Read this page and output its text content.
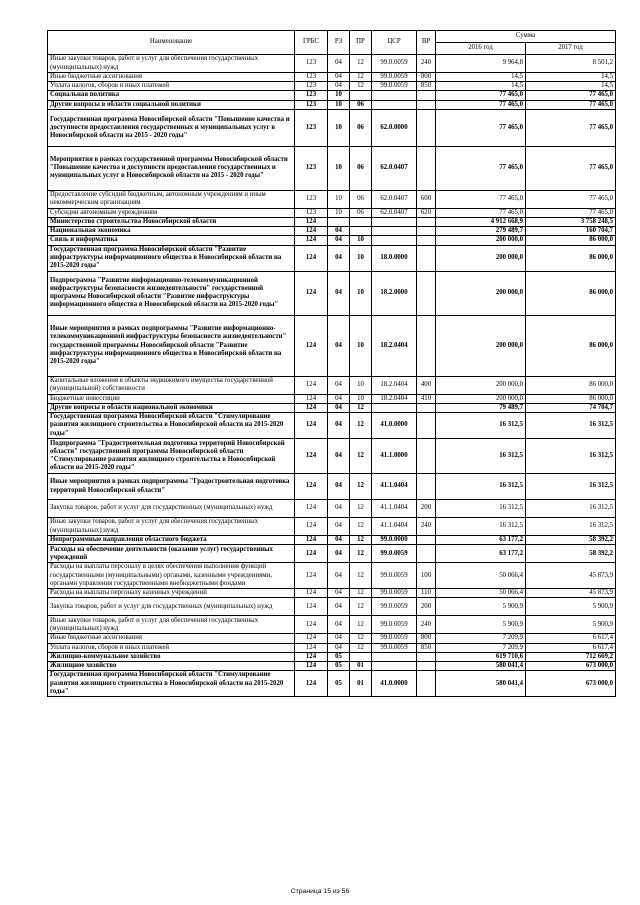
Наименование	ГРБС	РЗ	ПР	ЦСР	ВР	Сумма	
						2016 год	2017 год
Иные закупки товаров, работ и услуг для обеспечения государственных (муниципальных) нужд	123	04	12	99.0.0059	240	9 964,8	8 501,2
Иные бюджетные ассигнования	123	04	12	99.0.0059	800	14,5	14,5
Уплата налогов, сборов и иных платежей	123	04	12	99.0.0059	850	14,5	14,5
Социальная политика	123	10				77 465,0	77 465,0
Другие вопросы в области социальной политики	123	10	06			77 465,0	77 465,0
Государственная программа Новосибирской области "Повышение качества и доступности предоставления государственных и муниципальных услуг в Новосибирской области на 2015 - 2020 годы"	123	10	06	62.0.0000		77 465,0	77 465,0
Мероприятия в рамках государственной программы Новосибирской области "Повышение качества и доступности предоставления государственных и муниципальных услуг в Новосибирской области на 2015 - 2020 годы"	123	10	06	62.0.0407		77 465,0	77 465,0
Предоставление субсидий бюджетным, автономным учреждениям и иным некоммерческим организациям	123	10	06	62.0.0407	600	77 465,0	77 465,0
Субсидии автономным учреждениям	123	10	06	62.0.0407	620	77 465,0	77 465,0
Министерство строительства Новосибирской области	124					4 912 668,9	3 758 248,5
Национальная экономика	124	04				279 489,7	160 704,7
Связь и информатика	124	04	10			200 000,0	86 000,0
Государственная программа Новосибирской области "Развитие инфраструктуры информационного общества в Новосибирской области на 2015-2020 годы"	124	04	10	18.0.0000		200 000,0	86 000,0
Подпрограмма "Развитие информационно-телекоммуникационной инфраструктуры безопасности жизнедеятельности" государственной программы Новосибирской области "Развитие инфраструктуры информационного общества в Новосибирской области на 2015-2020 годы"	124	04	10	18.2.0000		200 000,0	86 000,0
Иные мероприятия в рамках подпрограммы "Развитие информационно-телекоммуникационной инфраструктуры безопасности жизнедеятельности" государственной программы Новосибирской области "Развитие инфраструктуры информационного общества в Новосибирской области на 2015-2020 годы"	124	04	10	18.2.0404		200 000,0	86 000,0
Капитальные вложения в объекты недвижимого имущества государственной (муниципальной) собственности	124	04	10	18.2.0404	400	200 000,0	86 000,0
Бюджетные инвестиции	124	04	10	18.2.0404	410	200 000,0	86 000,0
Другие вопросы в области национальной экономики	124	04	12			79 489,7	74 704,7
Государственная программа Новосибирской области "Стимулирование развития жилищного строительства в Новосибирской области на 2015-2020 годы"	124	04	12	41.0.0000		16 312,5	16 312,5
Подпрограмма "Градостроительная подготовка территорий Новосибирской области" государственной программы Новосибирской области "Стимулирование развития жилищного строительства в Новосибирской области на 2015-2020 годы"	124	04	12	41.1.0000		16 312,5	16 312,5
Иные мероприятия в рамках подпрограммы "Градостроительная подготовка территорий Новосибирской области"	124	04	12	41.1.0404		16 312,5	16 312,5
Закупка товаров, работ и услуг для государственных (муниципальных) нужд	124	04	12	41.1.0404	200	16 312,5	16 312,5
Иные закупки товаров, работ и услуг для обеспечения государственных (муниципальных) нужд	124	04	12	41.1.0404	240	16 312,5	16 312,5
Непрограммные направления областного бюджета	124	04	12	99.0.0000		63 177,2	58 392,2
Расходы на обеспечение деятельности (оказание услуг) государственных учреждений	124	04	12	99.0.0059		63 177,2	58 392,2
Расходы на выплаты персоналу в целях обеспечения выполнения функций государственными (муниципальными) органами, казенными учреждениями, органами управления государственными внебюджетными фондами	124	04	12	99.0.0059	100	50 066,4	45 873,9
Расходы на выплаты персоналу казенных учреждений	124	04	12	99.0.0059	110	50 066,4	45 873,9
Закупка товаров, работ и услуг для государственных (муниципальных) нужд	124	04	12	99.0.0059	200	5 900,9	5 900,9
Иные закупки товаров, работ и услуг для обеспечения государственных (муниципальных) нужд	124	04	12	99.0.0059	240	5 900,9	5 900,9
Иные бюджетные ассигнования	124	04	12	99.0.0059	800	7 209,9	6 617,4
Уплата налогов, сборов и иных платежей	124	04	12	99.0.0059	850	7 209,9	6 617,4
Жилищно-коммунальное хозяйство	124	05				619 710,6	712 669,2
Жилищное хозяйство	124	05	01			580 041,4	673 000,0
Государственная программа Новосибирской области "Стимулирование развития жилищного строительства в Новосибирской области на 2015-2020 годы"	124	05	01	41.0.0000		580 041,4	673 000,0
Страница 15 из 56
